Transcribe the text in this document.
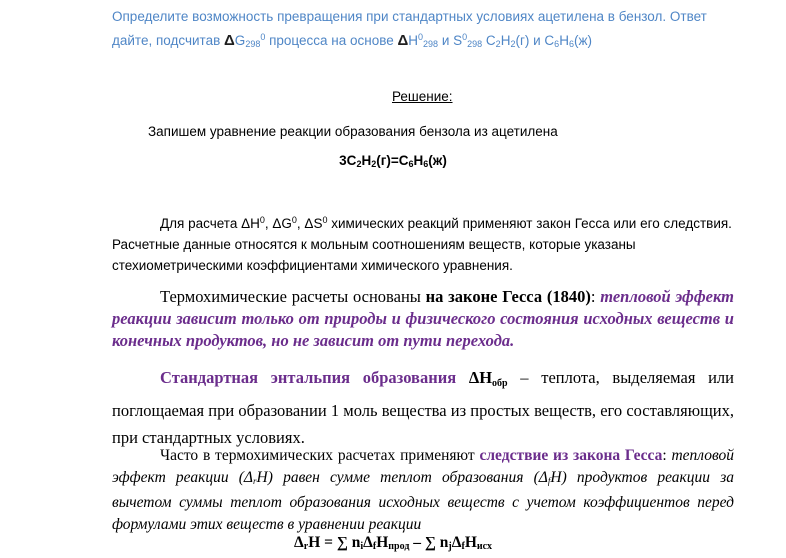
Определите возможность превращения при стандартных условиях ацетилена в бензол. Ответ
дайте, подсчитав $\Delta G_{298}^0$ процесса на основе $\Delta H^0_{298}$ и $S^0_{298}$ $C_2H_2(г)$ и $C_6H_6(ж)$
Решение:
Запишем уравнение реакции образования бензола из ацетилена
$3C_2H_2(г)=C_6H_6(ж)$
Для расчета $\Delta H^0$, $\Delta G^0$, $\Delta S^0$ химических реакций применяют закон Гесса или его следствия.
Расчетные данные относятся к мольным соотношениям веществ, которые указаны
стехиометрическими коэффициентами химического уравнения.
Термохимические расчеты основаны на законе Гесса (1840): тепловой эффект реакции зависит только от природы и физического состояния исходных веществ и конечных продуктов, но не зависит от пути перехода.
Стандартная энтальпия образования $\Delta H_{обр}$ – теплота, выделяемая или поглощаемая при образовании 1 моль вещества из простых веществ, его составляющих, при стандартных условиях.
Часто в термохимических расчетах применяют следствие из закона Гесса: тепловой эффект реакции $(\Delta_rH)$ равен сумме теплот образования $(\Delta_fH)$ продуктов реакции за вычетом суммы теплот образования исходных веществ с учетом коэффициентов перед формулами этих веществ в уравнении реакции
$\Delta_rH$ = ∑ $n_i\Delta_fH_{прод}$ – ∑ $n_j\Delta_fH_{исх}$
